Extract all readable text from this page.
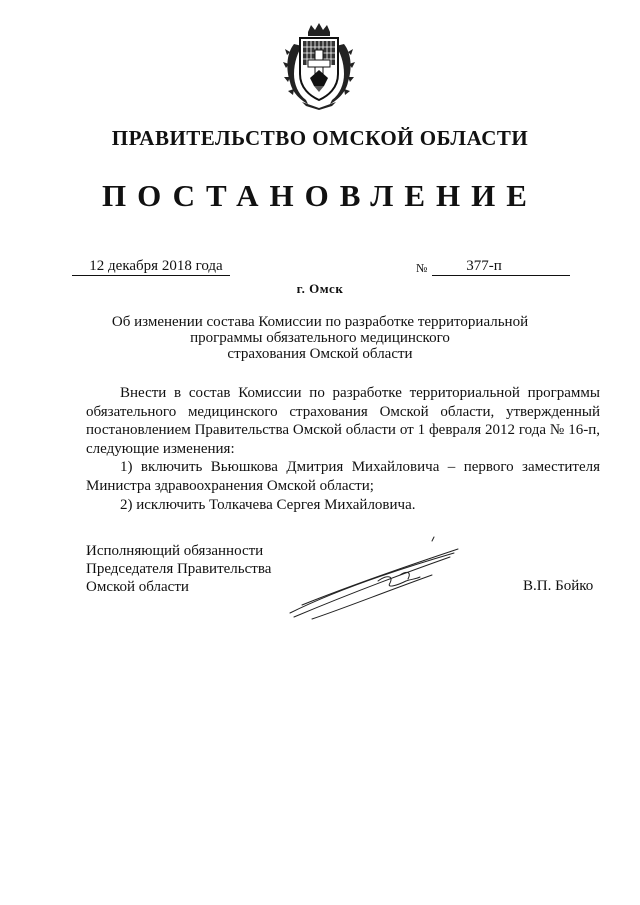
ПРАВИТЕЛЬСТВО ОМСКОЙ ОБЛАСТИ
ПОСТАНОВЛЕНИЕ
12 декабря 2018 года	№	377-п
г. Омск
Об изменении состава Комиссии по разработке территориальной
программы обязательного медицинского
страхования Омской области

Внести в состав Комиссии по разработке территориальной программы обязательного медицинского страхования Омской области, утвержденный постановлением Правительства Омской области от 1 февраля 2012 года № 16-п, следующие изменения:

1) включить Вьюшкова Дмитрия Михайловича – первого заместителя Министра здравоохранения Омской области;

2) исключить Толкачева Сергея Михайловича.

Исполняющий обязанности
Председателя Правительства
Омской области	В.П. Бойко
